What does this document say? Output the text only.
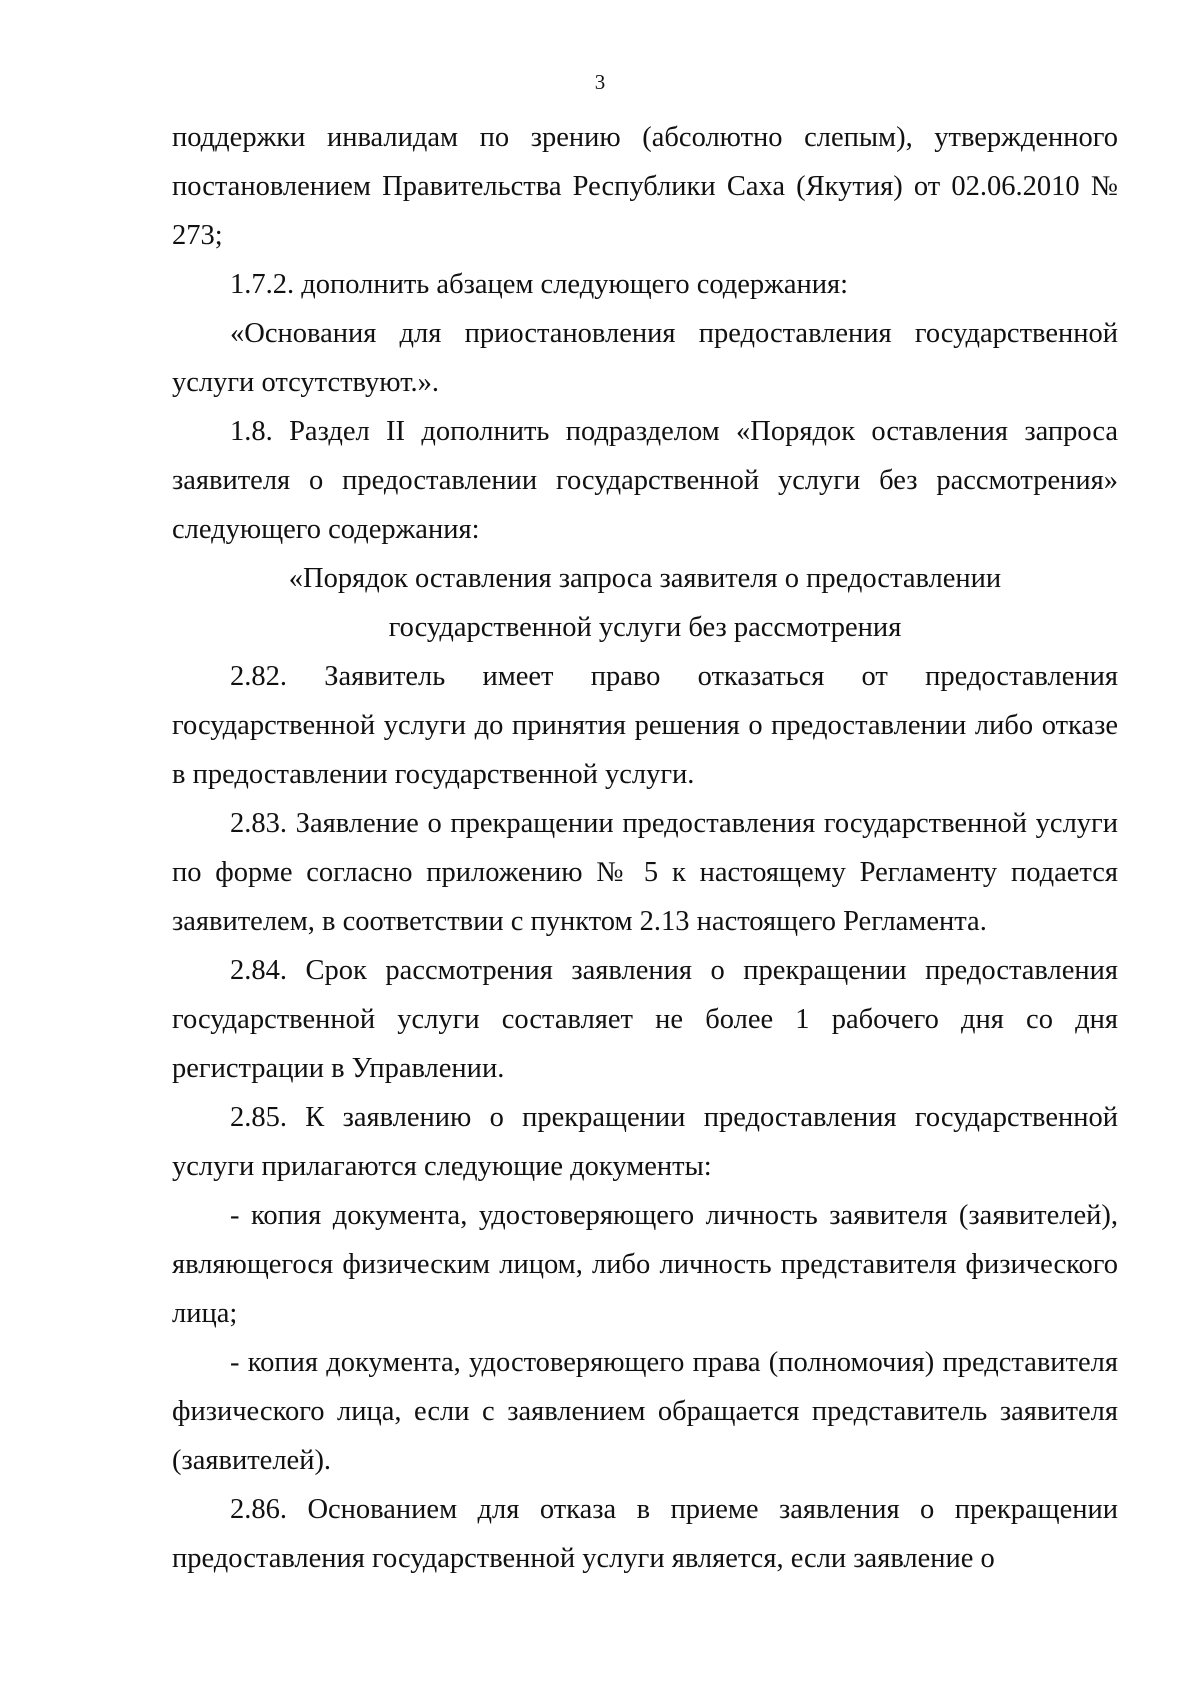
3

поддержки инвалидам по зрению (абсолютно слепым), утвержденного постановлением Правительства Республики Саха (Якутия) от 02.06.2010 № 273;

1.7.2. дополнить абзацем следующего содержания:

«Основания для приостановления предоставления государственной услуги отсутствуют.».

1.8. Раздел II дополнить подразделом «Порядок оставления запроса заявителя о предоставлении государственной услуги без рассмотрения» следующего содержания:

«Порядок оставления запроса заявителя о предоставлении
государственной услуги без рассмотрения

2.82. Заявитель имеет право отказаться от предоставления государственной услуги до принятия решения о предоставлении либо отказе в предоставлении государственной услуги.

2.83. Заявление о прекращении предоставления государственной услуги по форме согласно приложению № 5 к настоящему Регламенту подается заявителем, в соответствии с пунктом 2.13 настоящего Регламента.

2.84. Срок рассмотрения заявления о прекращении предоставления государственной услуги составляет не более 1 рабочего дня со дня регистрации в Управлении.

2.85. К заявлению о прекращении предоставления государственной услуги прилагаются следующие документы:

- копия документа, удостоверяющего личность заявителя (заявителей), являющегося физическим лицом, либо личность представителя физического лица;

- копия документа, удостоверяющего права (полномочия) представителя физического лица, если с заявлением обращается представитель заявителя (заявителей).

2.86. Основанием для отказа в приеме заявления о прекращении предоставления государственной услуги является, если заявление о
